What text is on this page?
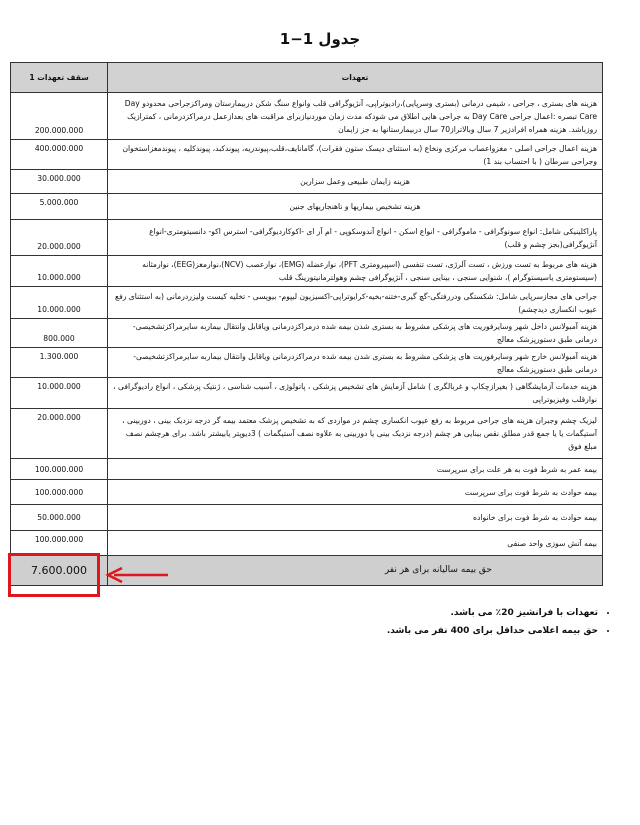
جدول 1−1
تعهدات	سقف تعهدات 1
هزینه های بستری ، جراحی ، شیمی درمانی (بستری وسرپایی)،رادیوتراپی، آنژیوگرافی قلب وانواع سنگ شکن دربیمارستان ومراکزجراحی محدودو Day Care تبصره :اعمال جراحی Day Care به جراحی هایی اطلاق می شودکه مدت زمان موردنیازبرای مراقبت های بعدازعمل درمراکزدرمانی ، کمترازیک روزباشد. هزینه همراه افرادزیر 7 سال وبالاتراز70 سال دربیمارستانها به جز زایمان	200.000.000
هزینه اعمال جراحی اصلی - مغزواعصاب مرکزی ونخاع (به استثنای دیسک ستون فقرات)، گامانایف،قلب،پیوندریه، پیوندکبد، پیوندکلیه ، پیوندمغزاستخوان وجراحی سرطان ( با احتساب بند 1)	400.000.000
هزینه زایمان طبیعی وعمل سزارین	30.000.000
هزینه تشخیص بیماریها و ناهنجاریهای جنین	5.000.000
پاراکلینیکی شامل: انواع سونوگرافی - ماموگرافی - انواع اسکن - انواع آندوسکوپی - ام آر ای -اکوکاردیوگرافی- استرس اکو- دانسیتومتری-انواع آنژیوگرافی(بجز چشم و قلب)	20.000.000
هزینه های مربوط به تست ورزش ، تست آلرژی، تست تنفسی (اسپیرومتری PFT)، نوارعضله (EMG)، نوارعصب (NCV)،نوارمغز(EEG)، نوارمثانه (سیستومتری یاسیستوگرام )، شنوایی سنجی ، بینایی سنجی ، آنژیوگرافی چشم وهولترمانیتورینگ قلب	10.000.000
جراحی های مجازسرپایی شامل: شکستگی ودررفتگی-گچ گیری-ختنه-بخیه-کرایوتراپی-اکسیزیون لیپوم- بیوپسی - تخلیه کیست ولیزردرمانی (به استثنای رفع عیوب انکساری دیدچشم)	10.000.000
هزینه آمبولانس داخل شهر وسایرفوریت های پزشکی مشروط به بستری شدن بیمه شده درمراکزدرمانی ویاقابل وانتقال بیماربه سایرمراکزتشخیصی- درمانی طبق دستورپزشک معالج	800.000
هزینه آمبولانس خارج شهر وسایرفوریت های پزشکی مشروط به بستری شدن بیمه شده درمراکزدرمانی ویاقابل وانتقال بیماربه سایرمراکزتشخیصی- درمانی طبق دستورپزشک معالج	1.300.000
هزینه خدمات آزمایشگاهی ( بغیرازچکاپ و غربالگری ) شامل آزمایش های تشخیص پزشکی ، پاتولوژی ، آسیب شناسی ، ژنتیک پزشکی ، انواع رادیوگرافی ، نوارقلب وفیزیوتراپی	10.000.000
لیزیک چشم وجبران هزینه های جراحی مربوط به رفع عیوب انکساری چشم در مواردی که به تشخیص پزشک معتمد بیمه گر درجه نزدیک بینی ، دوربینی ، آستیگمات یا یا جمع قدر مطلق نقص بینایی هر چشم (درجه نزدیک بینی یا دوربینی به علاوه نصف آستیگمات ) 3دیوپتر یابیشتر باشد. برای هرچشم نصف مبلغ فوق	20.000.000
بیمه عمر به شرط فوت به هر علت برای سرپرست	100.000.000
بیمه حوادث به شرط فوت برای سرپرست	100.000.000
بیمه حوادث به شرط فوت برای خانواده	50.000.000
بیمه آتش سوزی واحد صنفی	100.000.000
حق بیمه سالیانه برای هر نفر	7.600.000
• تعهدات با فرانشیز 20٪ می باشد.
• حق بیمه اعلامی حداقل برای 400 نفر می باشد.
